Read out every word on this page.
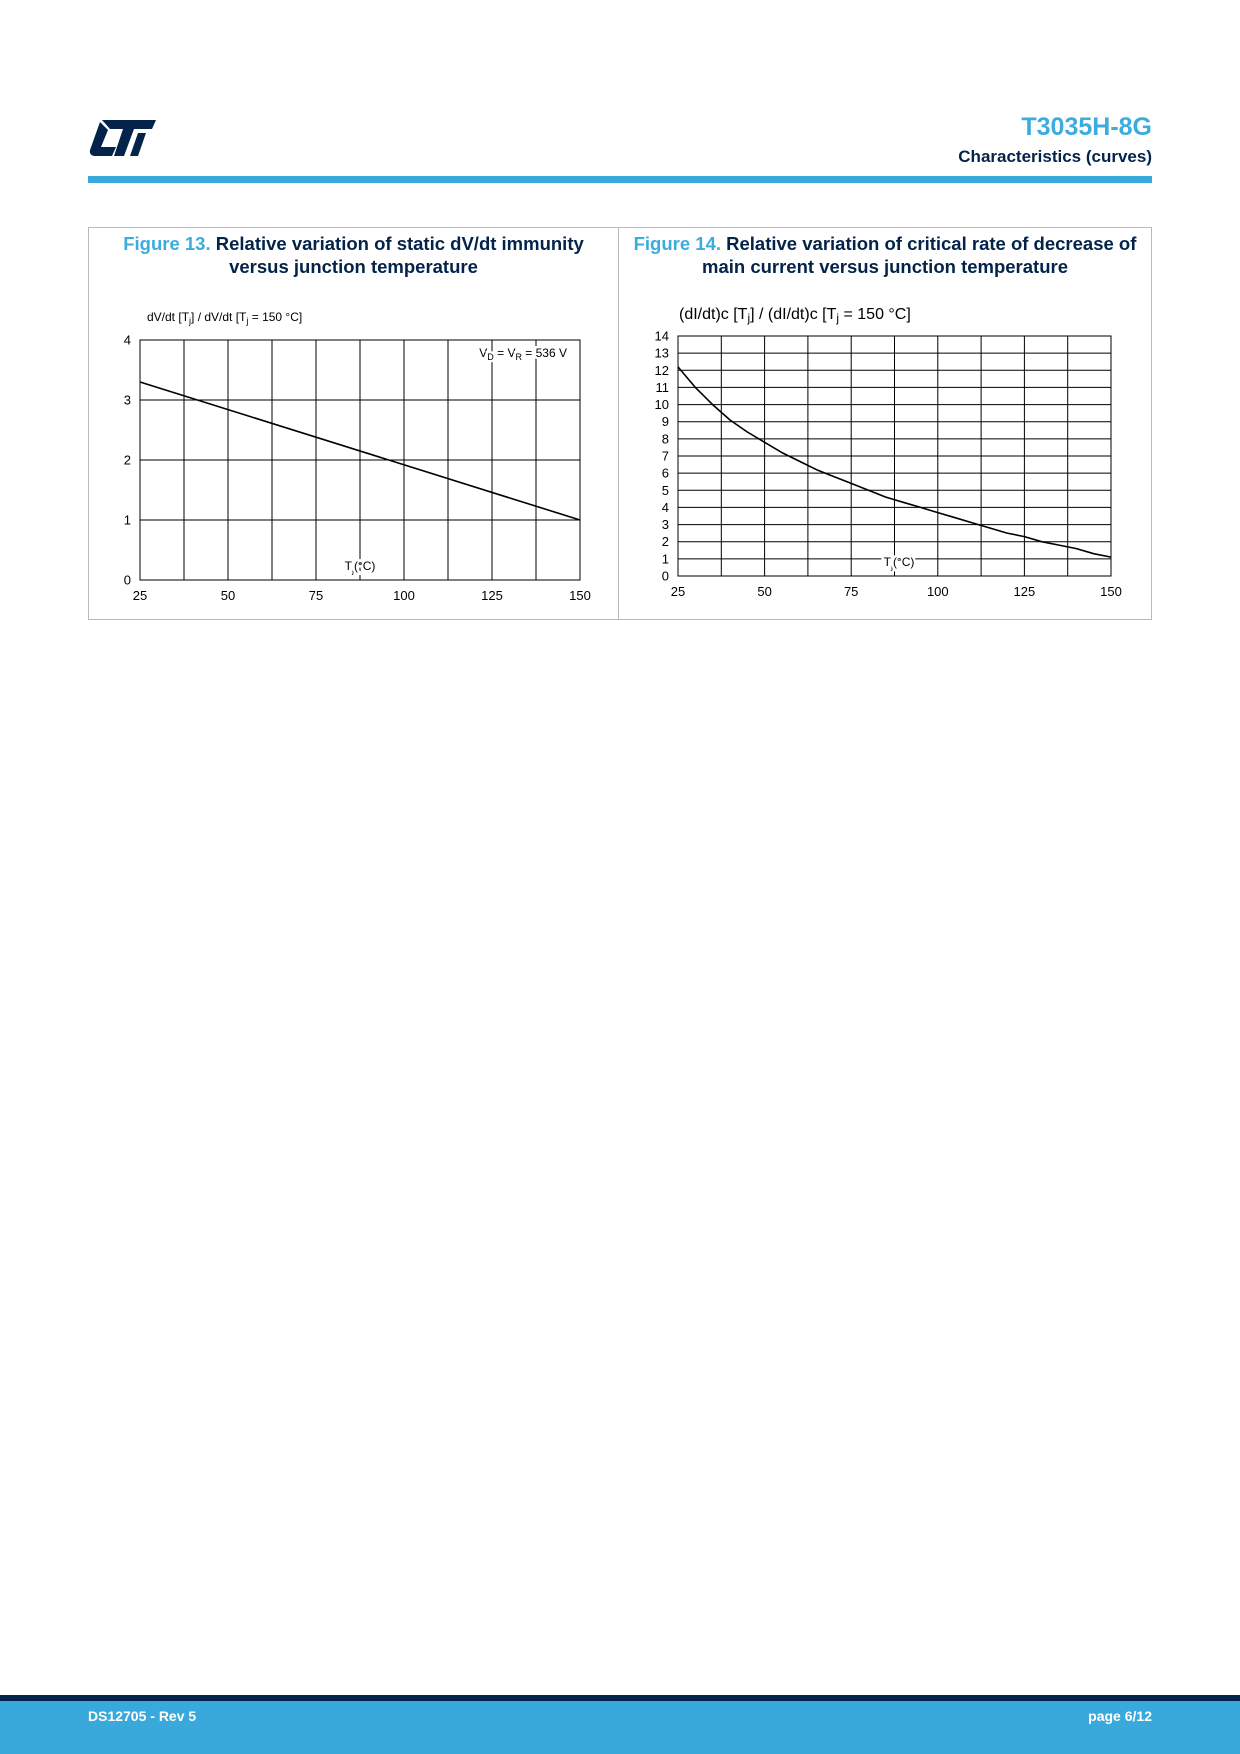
T3035H-8G
Characteristics (curves)
Figure 13. Relative variation of static dV/dt immunity
versus junction temperature
0
1
2
3
4
25	50	75	100	125	150
dV/dt $[T_j] / dV/dt$ [$T_j = 150$ °C]
$T_j(^\circ C)$
$V_D = V_R = 536$ V
Figure 14. Relative variation of critical rate of decrease of
main current versus junction temperature
0
1
2
3
4
5
6
7
8
9
10
11
12
13
14
25	50	75	100	125	150
(dI/dt)c [Tj] / (dI/dt)c [Tj = 150 °C]
$T_j(^\circ C)$
DS12705 - Rev 5	page 6/12
